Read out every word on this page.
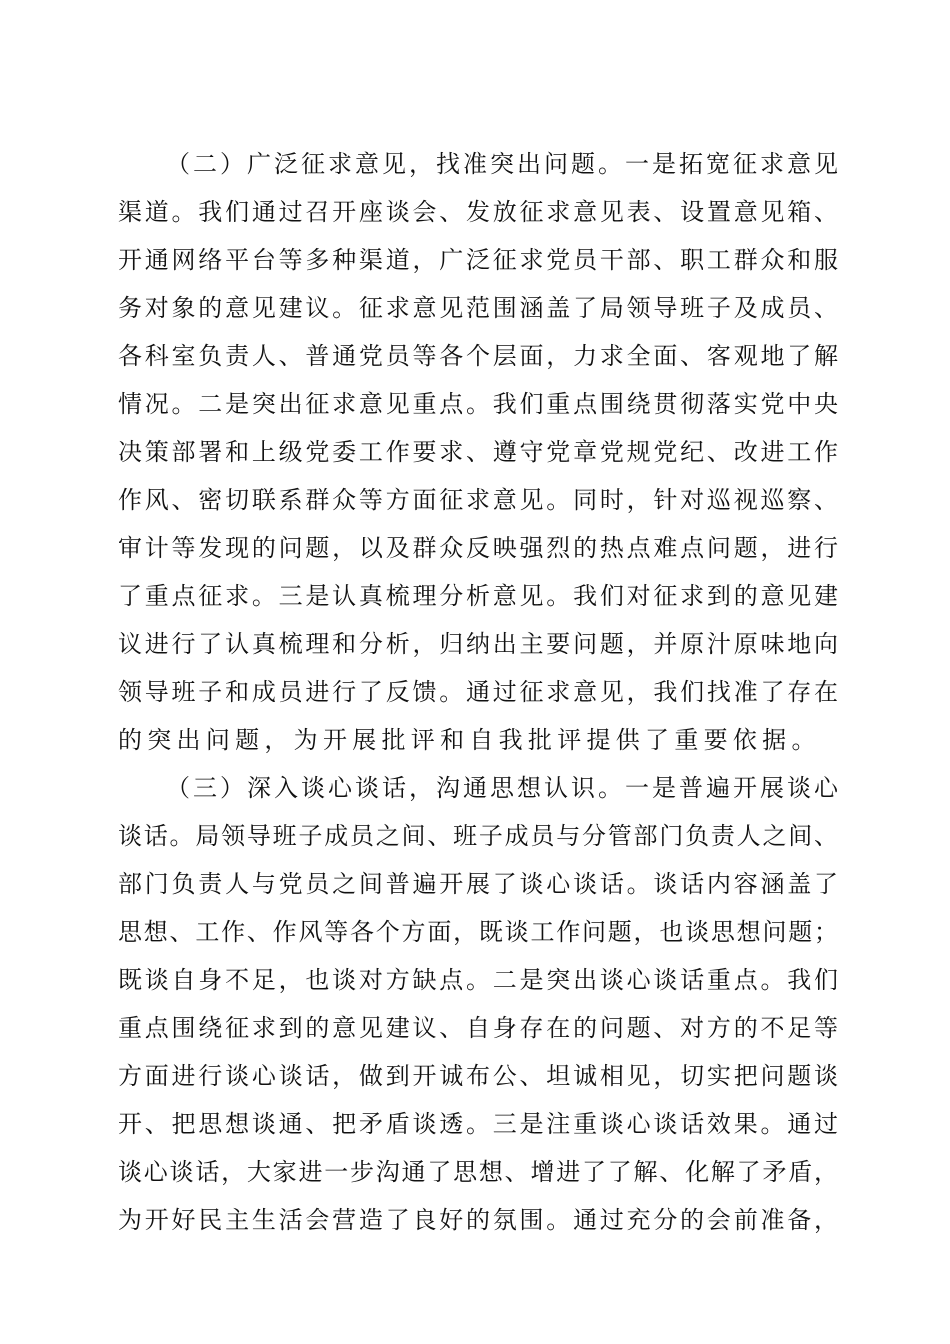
（二）广泛征求意见，找准突出问题。一是拓宽征求意见
渠道。我们通过召开座谈会、发放征求意见表、设置意见箱、
开通网络平台等多种渠道，广泛征求党员干部、职工群众和服
务对象的意见建议。征求意见范围涵盖了局领导班子及成员、
各科室负责人、普通党员等各个层面，力求全面、客观地了解
情况。二是突出征求意见重点。我们重点围绕贯彻落实党中央
决策部署和上级党委工作要求、遵守党章党规党纪、改进工作
作风、密切联系群众等方面征求意见。同时，针对巡视巡察、
审计等发现的问题，以及群众反映强烈的热点难点问题，进行
了重点征求。三是认真梳理分析意见。我们对征求到的意见建
议进行了认真梳理和分析，归纳出主要问题，并原汁原味地向
领导班子和成员进行了反馈。通过征求意见，我们找准了存在
的突出问题，为开展批评和自我批评提供了重要依据。
（三）深入谈心谈话，沟通思想认识。一是普遍开展谈心
谈话。局领导班子成员之间、班子成员与分管部门负责人之间、
部门负责人与党员之间普遍开展了谈心谈话。谈话内容涵盖了
思想、工作、作风等各个方面，既谈工作问题，也谈思想问题；
既谈自身不足，也谈对方缺点。二是突出谈心谈话重点。我们
重点围绕征求到的意见建议、自身存在的问题、对方的不足等
方面进行谈心谈话，做到开诚布公、坦诚相见，切实把问题谈
开、把思想谈通、把矛盾谈透。三是注重谈心谈话效果。通过
谈心谈话，大家进一步沟通了思想、增进了了解、化解了矛盾，
为开好民主生活会营造了良好的氛围。通过充分的会前准备，
